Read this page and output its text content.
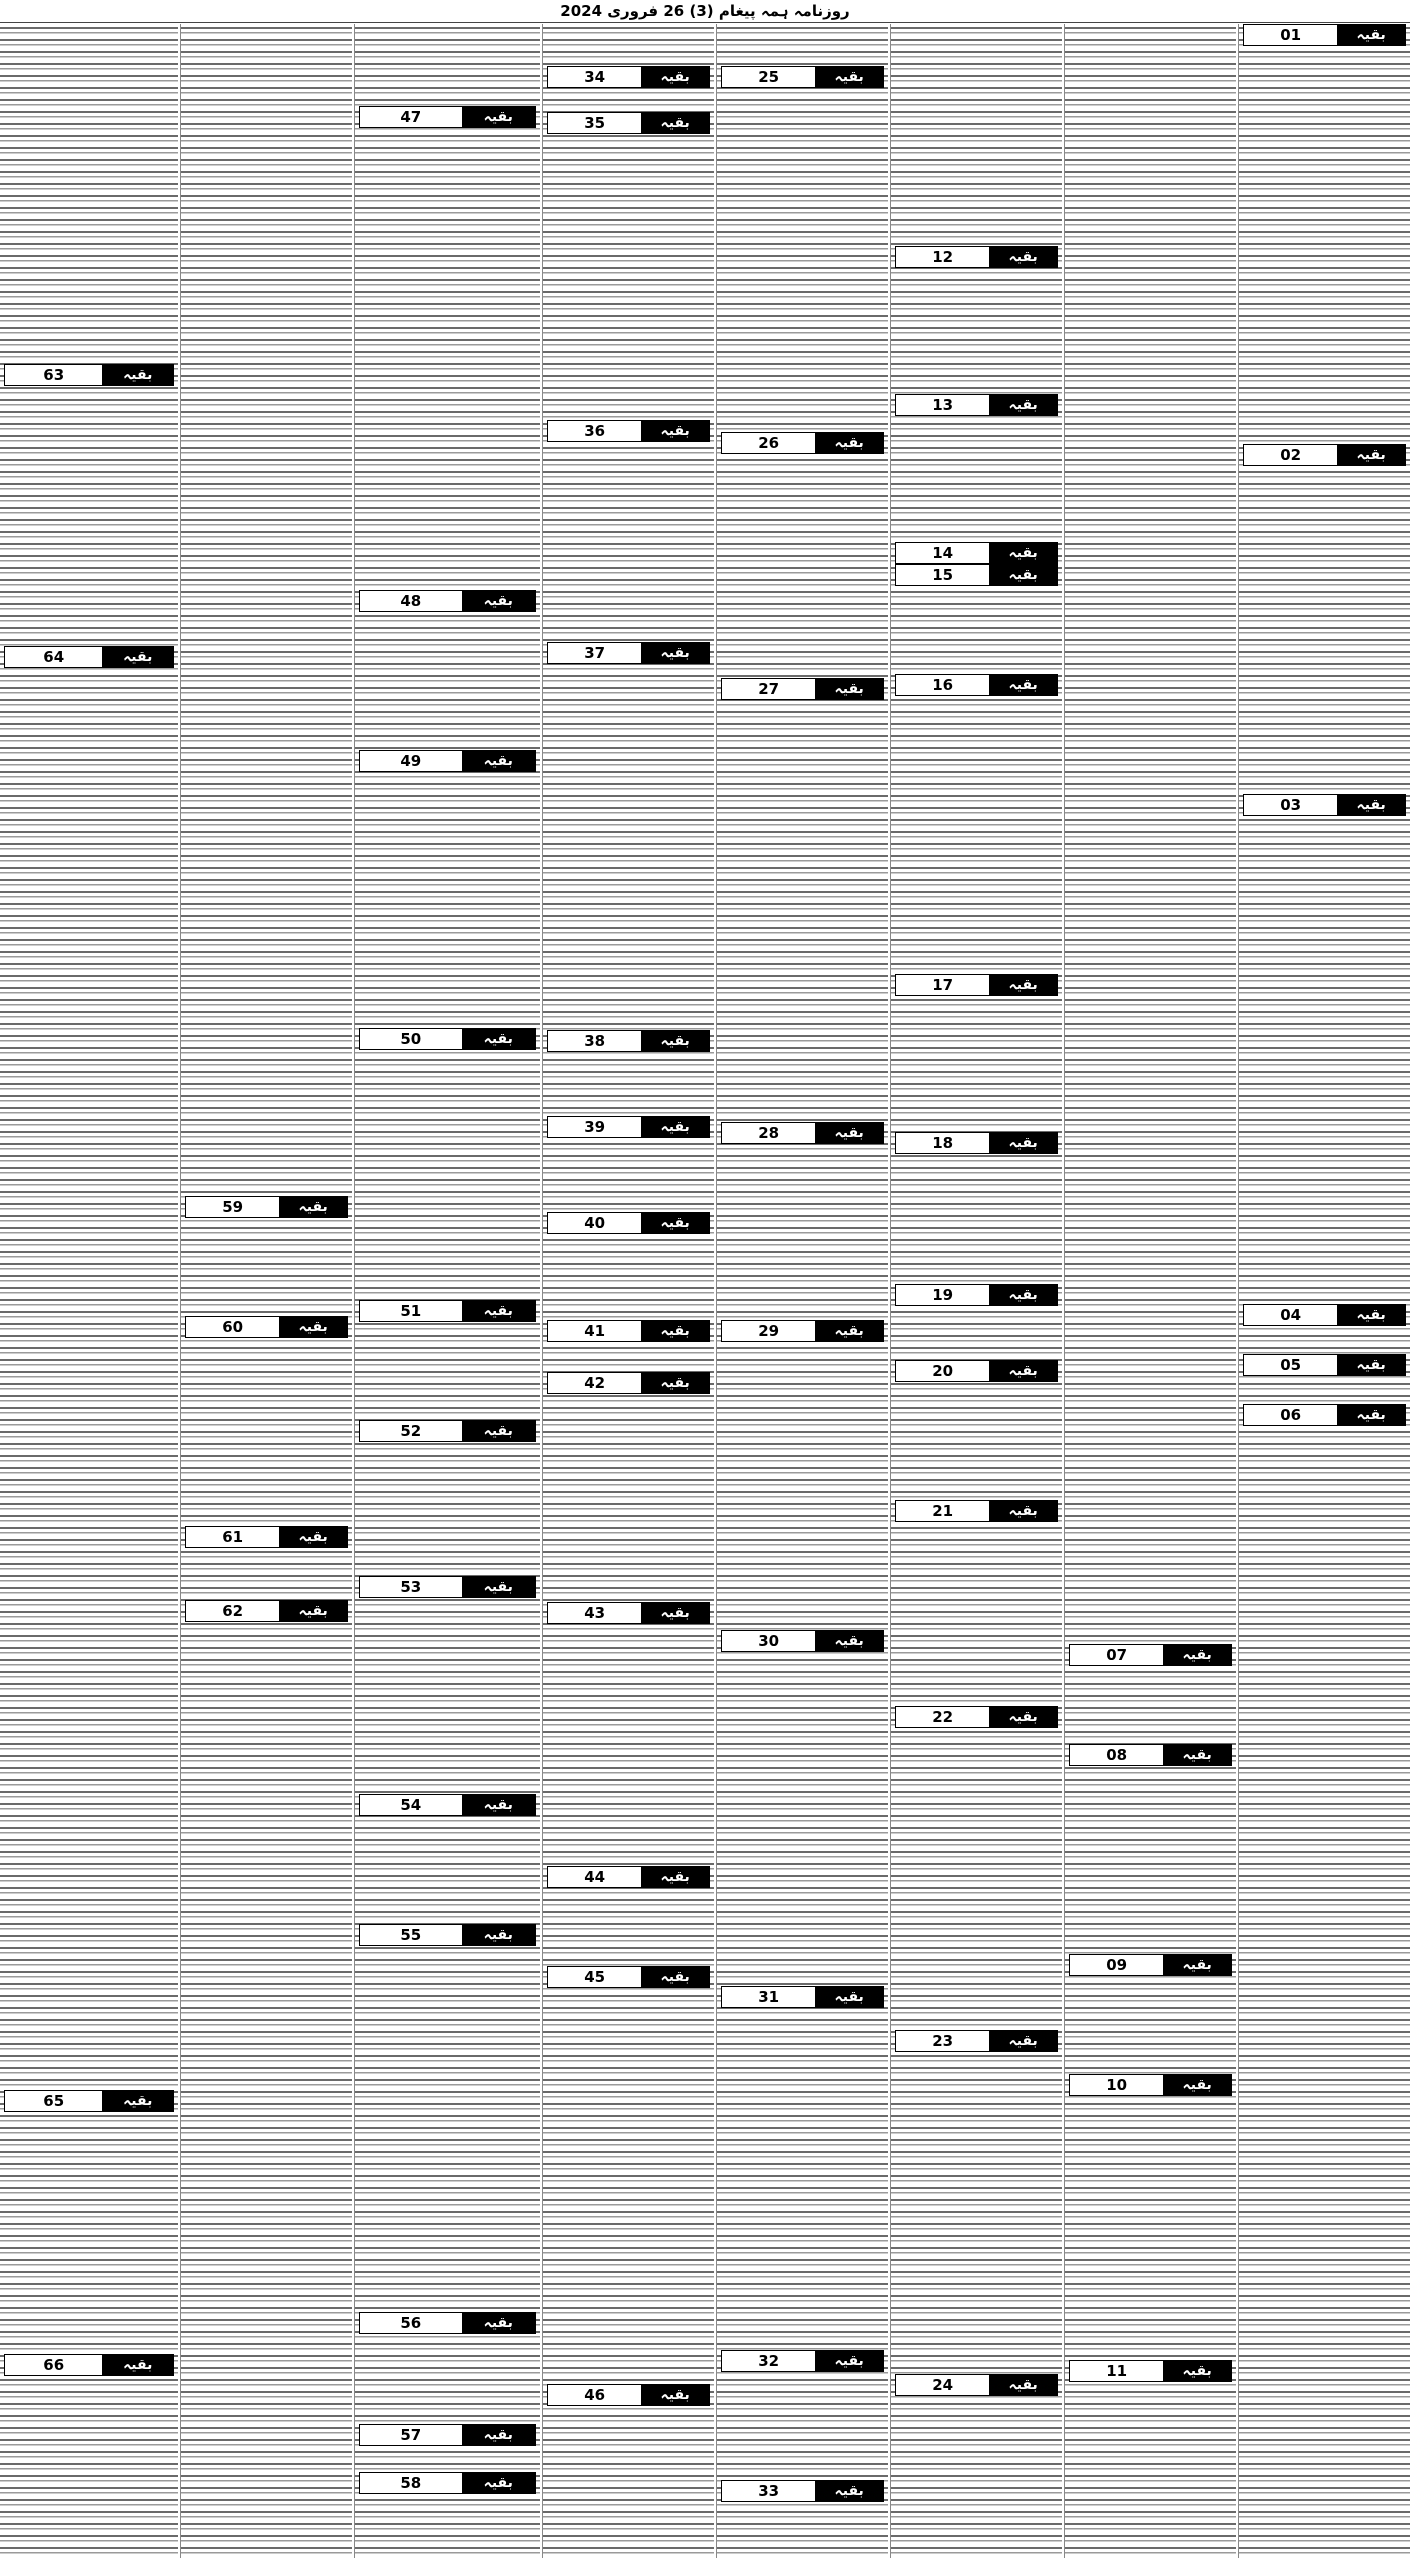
روزنامہ ہمہ پیغام (3) 26 فروری 2024
01	بقیہ
02	بقیہ
03	بقیہ
04	بقیہ
05	بقیہ
06	بقیہ
07	بقیہ
08	بقیہ
09	بقیہ
10	بقیہ
11	بقیہ
12	بقیہ
13	بقیہ
14	بقیہ
15	بقیہ
16	بقیہ
17	بقیہ
18	بقیہ
19	بقیہ
20	بقیہ
21	بقیہ
22	بقیہ
23	بقیہ
24	بقیہ
25	بقیہ
26	بقیہ
27	بقیہ
28	بقیہ
29	بقیہ
30	بقیہ
31	بقیہ
32	بقیہ
33	بقیہ
34	بقیہ
35	بقیہ
36	بقیہ
37	بقیہ
38	بقیہ
39	بقیہ
40	بقیہ
41	بقیہ
42	بقیہ
43	بقیہ
44	بقیہ
45	بقیہ
46	بقیہ
47	بقیہ
48	بقیہ
49	بقیہ
50	بقیہ
51	بقیہ
52	بقیہ
53	بقیہ
54	بقیہ
55	بقیہ
56	بقیہ
57	بقیہ
58	بقیہ
59	بقیہ
60	بقیہ
61	بقیہ
62	بقیہ
63	بقیہ
64	بقیہ
65	بقیہ
66	بقیہ
